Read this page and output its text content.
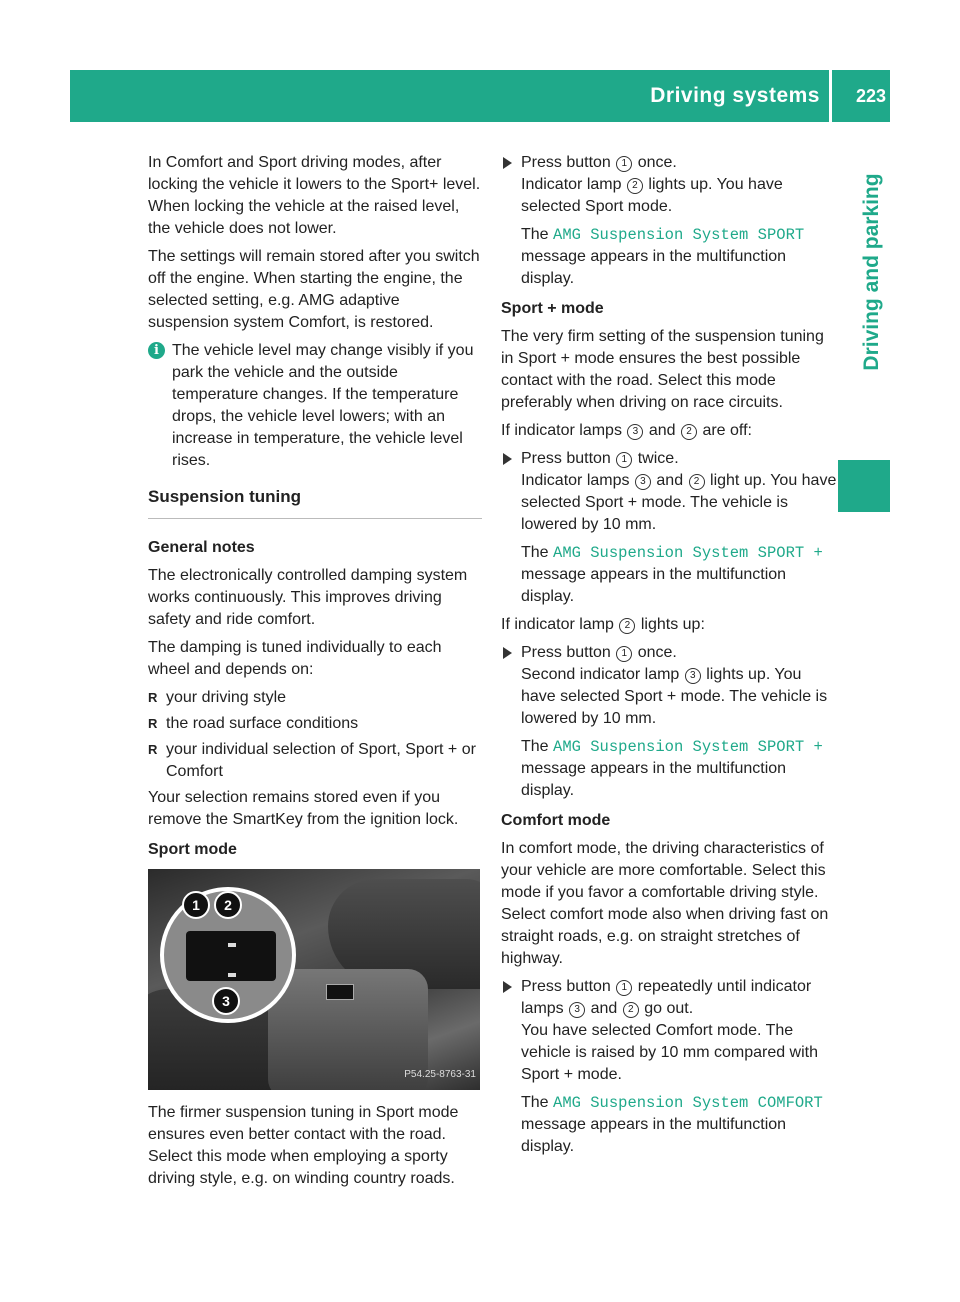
Driving systems 223
Driving and parking

In Comfort and Sport driving modes, after locking the vehicle it lowers to the Sport+ level. When locking the vehicle at the raised level, the vehicle does not lower.

The settings will remain stored after you switch off the engine. When starting the engine, the selected setting, e.g. AMG adaptive suspension system Comfort, is restored.

i The vehicle level may change visibly if you park the vehicle and the outside temperature changes. If the temperature drops, the vehicle level lowers; with an increase in temperature, the vehicle level rises.
Suspension tuning
General notes

The electronically controlled damping system works continuously. This improves driving safety and ride comfort.

The damping is tuned individually to each wheel and depends on:

R your driving style
R the road surface conditions
R your individual selection of Sport, Sport + or Comfort

Your selection remains stored even if you remove the SmartKey from the ignition lock.

Sport mode
1	2
3
P54.25-8763-31

The firmer suspension tuning in Sport mode ensures even better contact with the road. Select this mode when employing a sporty driving style, e.g. on winding country roads.

Press button 1 once.
Indicator lamp 2 lights up. You have selected Sport mode.

The AMG Suspension System SPORT message appears in the multifunction display.

Sport + mode

The very firm setting of the suspension tuning in Sport + mode ensures the best possible contact with the road. Select this mode preferably when driving on race circuits.

If indicator lamps 3 and 2 are off:

Press button 1 twice.
Indicator lamps 3 and 2 light up. You have selected Sport + mode. The vehicle is lowered by 10 mm.

The AMG Suspension System SPORT + message appears in the multifunction display.

If indicator lamp 2 lights up:

Press button 1 once.
Second indicator lamp 3 lights up. You have selected Sport + mode. The vehicle is lowered by 10 mm.

The AMG Suspension System SPORT + message appears in the multifunction display.

Comfort mode

In comfort mode, the driving characteristics of your vehicle are more comfortable. Select this mode if you favor a comfortable driving style. Select comfort mode also when driving fast on straight roads, e.g. on straight stretches of highway.

Press button 1 repeatedly until indicator lamps 3 and 2 go out.
You have selected Comfort mode. The vehicle is raised by 10 mm compared with Sport + mode.

The AMG Suspension System COMFORT message appears in the multifunction display.
